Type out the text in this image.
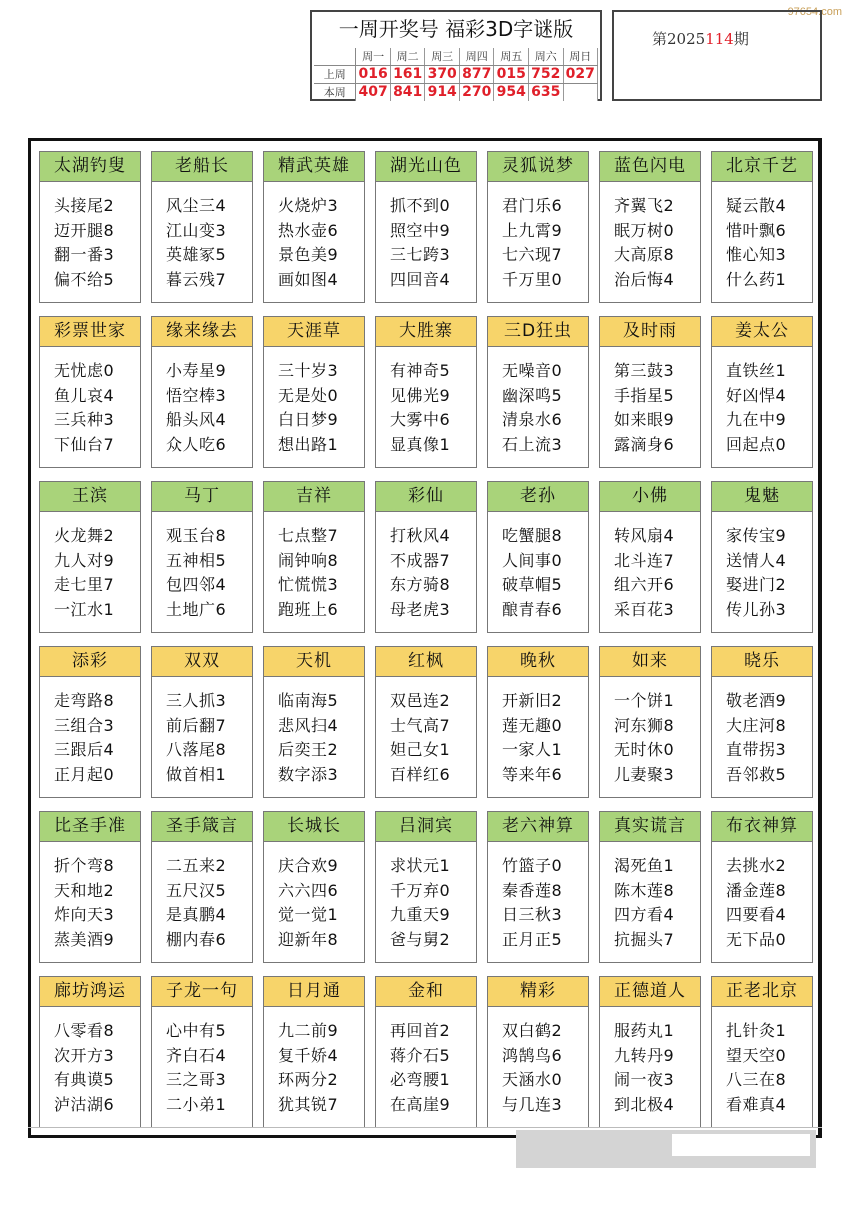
97654.com
一周开奖号 福彩3D字谜版
周一	周二	周三	周四	周五	周六	周日
上周 016 161 370 877 015 752 027
本周 407 841 914 270 954 635
第2025114期
太湖钓叟
头接尾2
迈开腿8
翻一番3
偏不给5
老船长
风尘三4
江山变3
英雄冢5
暮云残7
精武英雄
火烧炉3
热水壶6
景色美9
画如图4
湖光山色
抓不到0
照空中9
三七跨3
四回音4
灵狐说梦
君门乐6
上九霄9
七六现7
千万里0
蓝色闪电
齐翼飞2
眠万树0
大高原8
治后悔4
北京千艺
疑云散4
惜叶飘6
惟心知3
什么药1
彩票世家
无忧虑0
鱼儿哀4
三兵种3
下仙台7
缘来缘去
小寿星9
悟空棒3
船头风4
众人吃6
天涯草
三十岁3
无是处0
白日梦9
想出路1
大胜寨
有神奇5
见佛光9
大雾中6
显真像1
三D狂虫
无噪音0
幽深鸣5
清泉水6
石上流3
及时雨
第三鼓3
手指星5
如来眼9
露滴身6
姜太公
直铁丝1
好凶悍4
九在中9
回起点0
王滨
火龙舞2
九人对9
走七里7
一江水1
马丁
观玉台8
五神相5
包四邻4
土地广6
吉祥
七点整7
闹钟响8
忙慌慌3
跑班上6
彩仙
打秋风4
不成器7
东方骑8
母老虎3
老孙
吃蟹腿8
人间事0
破草帽5
酿青春6
小佛
转风扇4
北斗连7
组六开6
采百花3
鬼魅
家传宝9
送情人4
娶进门2
传儿孙3
添彩
走弯路8
三组合3
三跟后4
正月起0
双双
三人抓3
前后翻7
八落尾8
做首相1
天机
临南海5
悲风扫4
后奕王2
数字添3
红枫
双邑连2
士气高7
妲己女1
百样红6
晚秋
开新旧2
莲无趣0
一家人1
等来年6
如来
一个饼1
河东狮8
无时休0
儿妻聚3
晓乐
敬老酒9
大庄河8
直带拐3
吾邻救5
比圣手准
折个弯8
天和地2
炸向天3
蒸美酒9
圣手箴言
二五来2
五尺汉5
是真鹏4
棚内春6
长城长
庆合欢9
六六四6
觉一觉1
迎新年8
吕洞宾
求状元1
千万弃0
九重天9
爸与舅2
老六神算
竹篮子0
秦香莲8
日三秋3
正月正5
真实谎言
渴死鱼1
陈木莲8
四方看4
抗掘头7
布衣神算
去挑水2
潘金莲8
四要看4
无下品0
廊坊鸿运
八零看8
次开方3
有典谟5
泸沽湖6
子龙一句
心中有5
齐白石4
三之哥3
二小弟1
日月通
九二前9
复千娇4
环两分2
犹其锐7
金和
再回首2
蒋介石5
必弯腰1
在高崖9
精彩
双白鹤2
鸿鹄鸟6
天涵水0
与几连3
正德道人
服药丸1
九转丹9
闹一夜3
到北极4
正老北京
扎针灸1
望天空0
八三在8
看难真4
